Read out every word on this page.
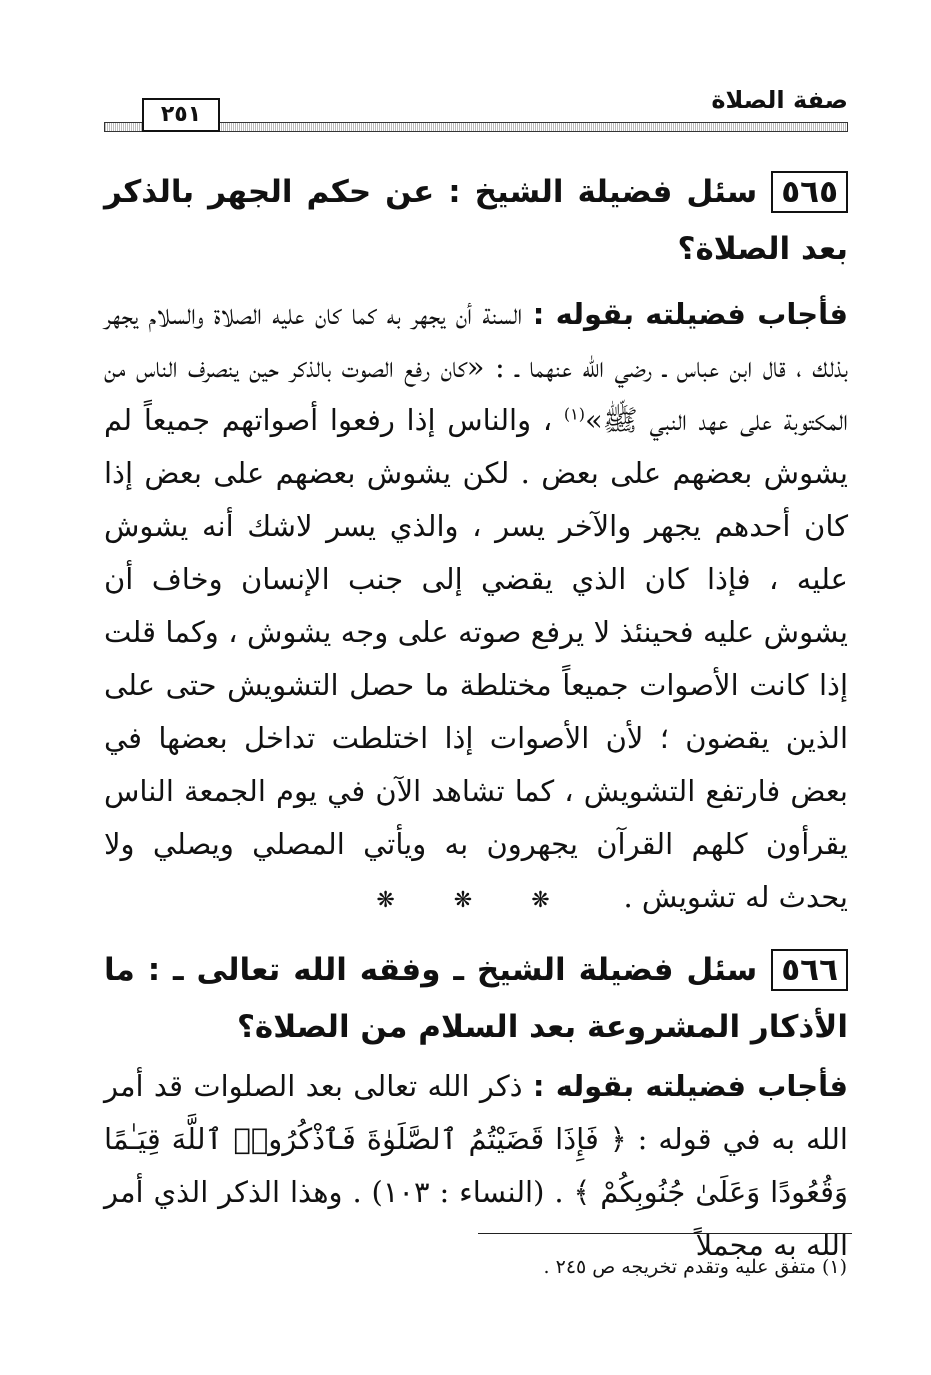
صفة الصلاة
٢٥١
٥٦٥سئل فضيلة الشيخ : عن حكم الجهر بالذكر بعد الصلاة؟
فأجاب فضيلته بقوله : السنة أن يجهر به كما كان عليه الصلاة والسلام يجهر بذلك ، قال ابن عباس ـ رضي الله عنهما ـ : «كان رفع الصوت بالذكر حين ينصرف الناس من المكتوبة على عهد النبي ﷺ»$^{(١)}$ ، والناس إذا رفعوا أصواتهم جميعاً لم يشوش بعضهم على بعض . لكن يشوش بعضهم على بعض إذا كان أحدهم يجهر والآخر يسر ، والذي يسر لاشك أنه يشوش عليه ، فإذا كان الذي يقضي إلى جنب الإنسان وخاف أن يشوش عليه فحينئذ لا يرفع صوته على وجه يشوش ، وكما قلت إذا كانت الأصوات جميعاً مختلطة ما حصل التشويش حتى على الذين يقضون ؛ لأن الأصوات إذا اختلطت تداخل بعضها في بعض فارتفع التشويش ، كما تشاهد الآن في يوم الجمعة الناس يقرأون كلهم القرآن يجهرون به ويأتي المصلي ويصلي ولا يحدث له تشويش .
❋ ❋ ❋
٥٦٦سئل فضيلة الشيخ ـ وفقه الله تعالى ـ : ما الأذكار المشروعة بعد السلام من الصلاة؟
فأجاب فضيلته بقوله : ذكر الله تعالى بعد الصلوات قد أمر الله به في قوله : ﴿ فَإِذَا قَضَيْتُمُ ٱلصَّلَوٰةَ فَٱذْكُرُوا۟ ٱللَّهَ قِيَـٰمًا وَقُعُودًا وَعَلَىٰ جُنُوبِكُمْ ﴾ . (النساء : ١٠٣) . وهذا الذكر الذي أمر الله به مجملاً
(١) متفق عليه وتقدم تخريجه ص ٢٤٥ .
